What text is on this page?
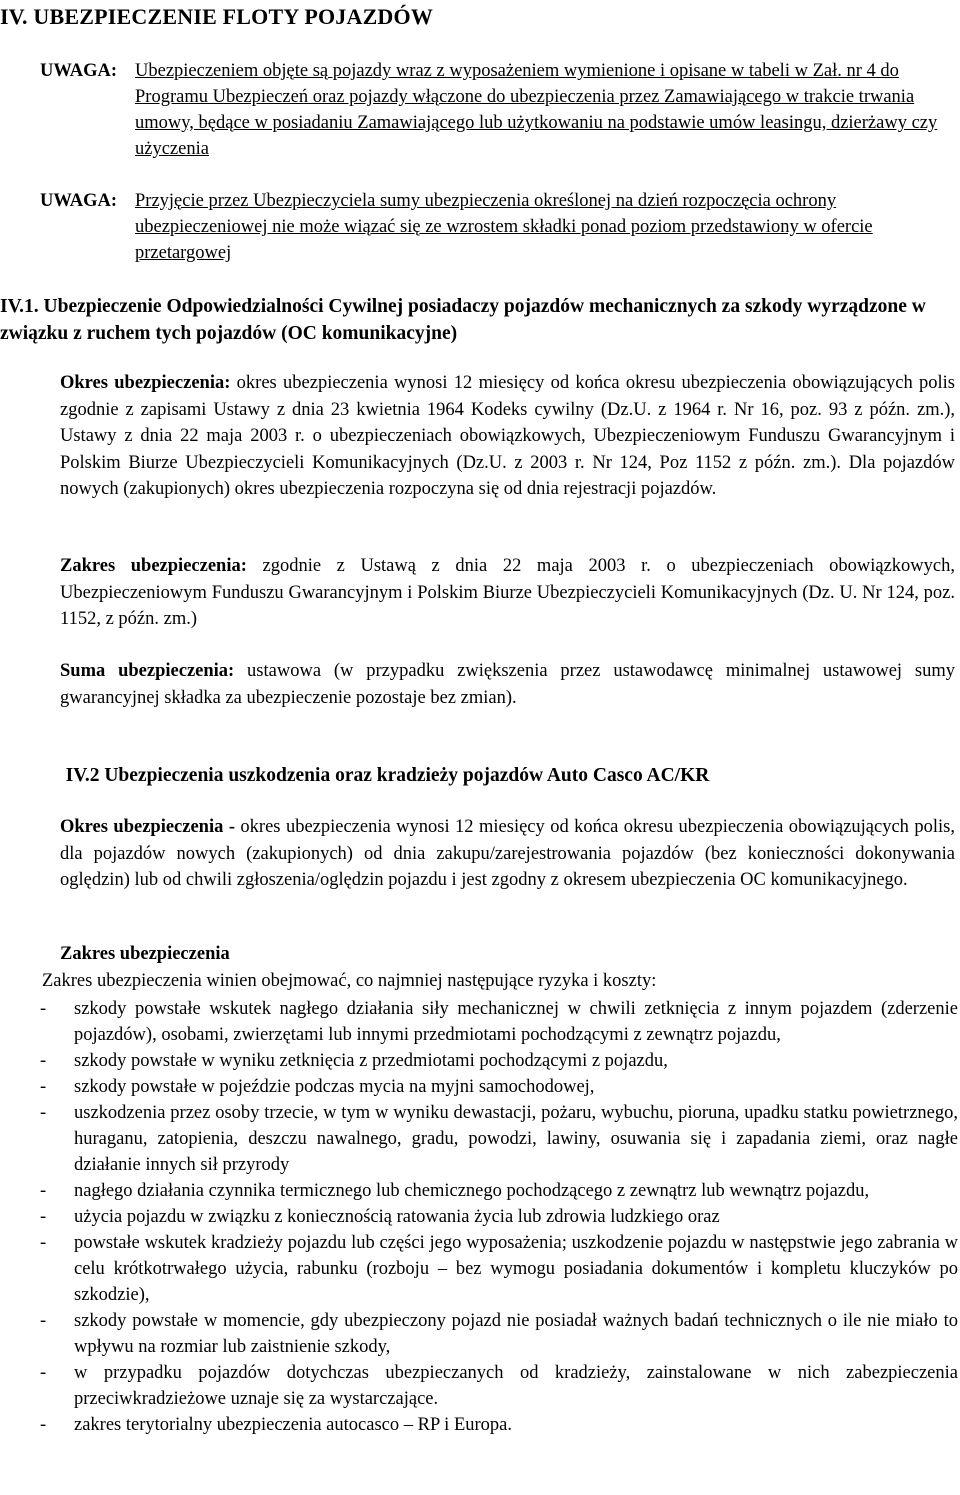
IV. UBEZPIECZENIE FLOTY POJAZDÓW
UWAGA: Ubezpieczeniem objęte są pojazdy wraz z wyposażeniem wymienione i opisane w tabeli w Zał. nr 4 do Programu Ubezpieczeń oraz pojazdy włączone do ubezpieczenia przez Zamawiającego w trakcie trwania umowy, będące w posiadaniu Zamawiającego lub użytkowaniu na podstawie umów leasingu, dzierżawy czy użyczenia
UWAGA: Przyjęcie przez Ubezpieczyciela sumy ubezpieczenia określonej na dzień rozpoczęcia ochrony ubezpieczeniowej nie może wiązać się ze wzrostem składki ponad poziom przedstawiony w ofercie przetargowej
IV.1. Ubezpieczenie Odpowiedzialności Cywilnej posiadaczy pojazdów mechanicznych za szkody wyrządzone w związku z ruchem tych pojazdów (OC komunikacyjne)
Okres ubezpieczenia: okres ubezpieczenia wynosi 12 miesięcy od końca okresu ubezpieczenia obowiązujących polis zgodnie z zapisami Ustawy z dnia 23 kwietnia 1964 Kodeks cywilny (Dz.U. z 1964 r. Nr 16, poz. 93 z późn. zm.), Ustawy z dnia 22 maja 2003 r. o ubezpieczeniach obowiązkowych, Ubezpieczeniowym Funduszu Gwarancyjnym i Polskim Biurze Ubezpieczycieli Komunikacyjnych (Dz.U. z 2003 r. Nr 124, Poz 1152 z późn. zm.). Dla pojazdów nowych (zakupionych) okres ubezpieczenia rozpoczyna się od dnia rejestracji pojazdów.
Zakres ubezpieczenia: zgodnie z Ustawą z dnia 22 maja 2003 r. o ubezpieczeniach obowiązkowych, Ubezpieczeniowym Funduszu Gwarancyjnym i Polskim Biurze Ubezpieczycieli Komunikacyjnych (Dz. U. Nr 124, poz. 1152, z późn. zm.)
Suma ubezpieczenia: ustawowa (w przypadku zwiększenia przez ustawodawcę minimalnej ustawowej sumy gwarancyjnej składka za ubezpieczenie pozostaje bez zmian).
IV.2 Ubezpieczenia uszkodzenia oraz kradzieży pojazdów Auto Casco AC/KR
Okres ubezpieczenia - okres ubezpieczenia wynosi 12 miesięcy od końca okresu ubezpieczenia obowiązujących polis, dla pojazdów nowych (zakupionych) od dnia zakupu/zarejestrowania pojazdów (bez konieczności dokonywania oględzin) lub od chwili zgłoszenia/oględzin pojazdu i jest zgodny z okresem ubezpieczenia OC komunikacyjnego.
Zakres ubezpieczenia
Zakres ubezpieczenia winien obejmować, co najmniej następujące ryzyka i koszty:
- szkody powstałe wskutek nagłego działania siły mechanicznej w chwili zetknięcia z innym pojazdem (zderzenie pojazdów), osobami, zwierzętami lub innymi przedmiotami pochodzącymi z zewnątrz pojazdu,
- szkody powstałe w wyniku zetknięcia z przedmiotami pochodzącymi z pojazdu,
- szkody powstałe w pojeździe podczas mycia na myjni samochodowej,
- uszkodzenia przez osoby trzecie, w tym w wyniku dewastacji, pożaru, wybuchu, pioruna, upadku statku powietrznego, huraganu, zatopienia, deszczu nawalnego, gradu, powodzi, lawiny, osuwania się i zapadania ziemi, oraz nagłe działanie innych sił przyrody
- nagłego działania czynnika termicznego lub chemicznego pochodzącego z zewnątrz lub wewnątrz pojazdu,
- użycia pojazdu w związku z koniecznością ratowania życia lub zdrowia ludzkiego oraz
- powstałe wskutek kradzieży pojazdu lub części jego wyposażenia; uszkodzenie pojazdu w następstwie jego zabrania w celu krótkotrwałego użycia, rabunku (rozboju – bez wymogu posiadania dokumentów i kompletu kluczyków po szkodzie),
- szkody powstałe w momencie, gdy ubezpieczony pojazd nie posiadał ważnych badań technicznych o ile nie miało to wpływu na rozmiar lub zaistnienie szkody,
- w przypadku pojazdów dotychczas ubezpieczanych od kradzieży, zainstalowane w nich zabezpieczenia przeciwkradzieżowe uznaje się za wystarczające.
- zakres terytorialny ubezpieczenia autocasco – RP i Europa.
